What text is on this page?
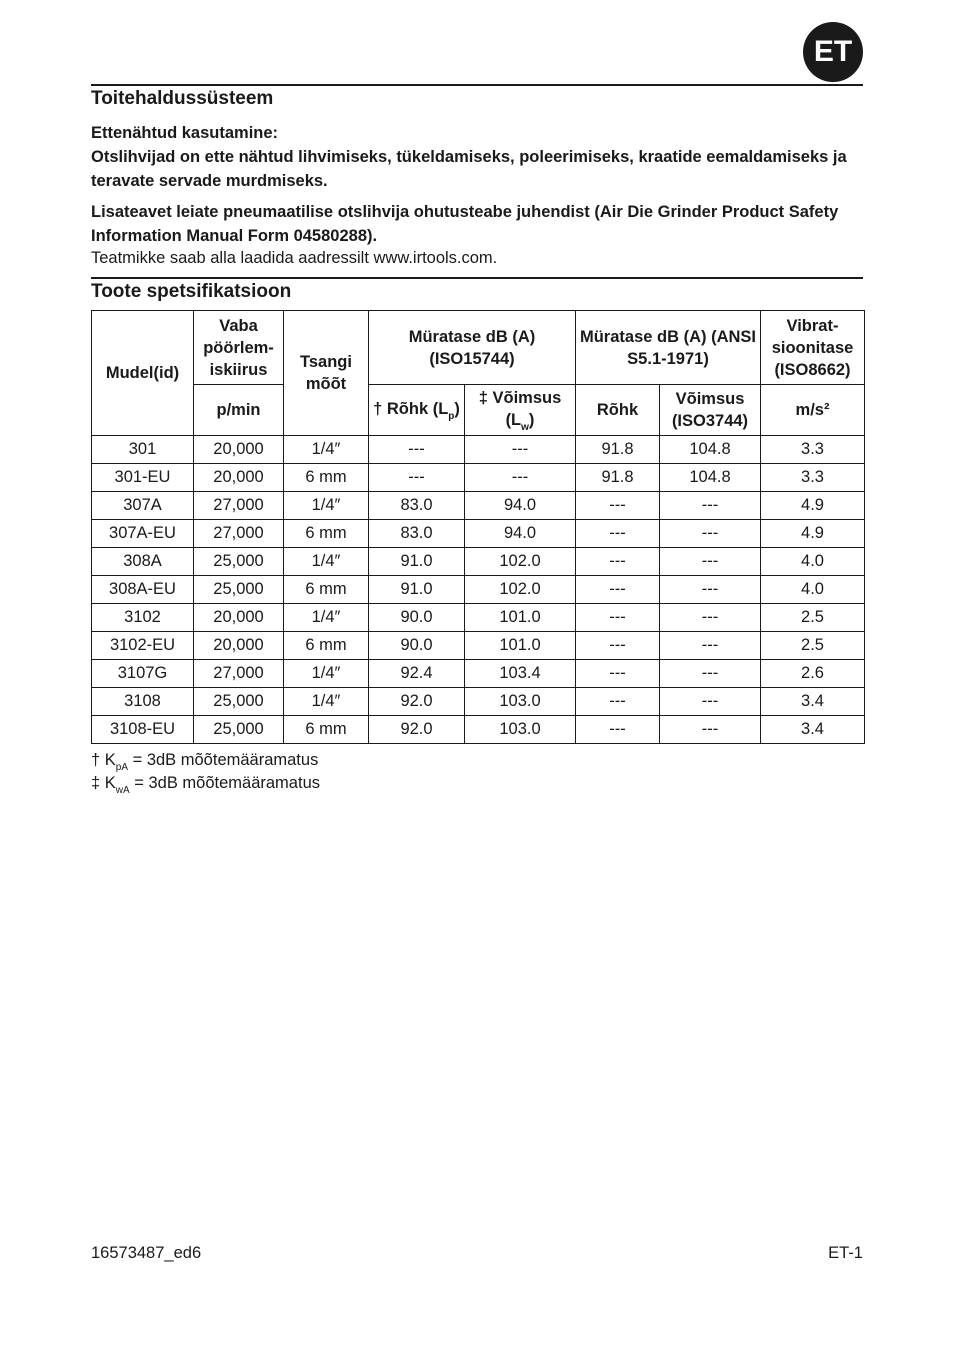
ET
Toitehaldussüsteem
Ettenähtud kasutamine:
Otslihvijad on ette nähtud lihvimiseks, tükeldamiseks, poleerimiseks, kraatide eemaldamiseks ja teravate servade murdmiseks.
Lisateavet leiate pneumaatilise otslihvija ohutusteabe juhendist (Air Die Grinder Product Safety Information Manual Form 04580288).
Teatmikke saab alla laadida aadressilt www.irtools.com.
Toote spetsifikatsioon
Mudel(id)	Vaba pöörlem-iskiirus	Tsangi mõõt	Müratase dB (A) (ISO15744)		Müratase dB (A) (ANSI S5.1-1971)		Vibrat-sioonitase (ISO8662)
	p/min		† Rõhk $(L_p)$	‡ Võimsus $(L_w)$	Rõhk	Võimsus (ISO3744)	m/s²
301	20,000	1/4″	---	---	91.8	104.8	3.3
301-EU	20,000	6 mm	---	---	91.8	104.8	3.3
307A	27,000	1/4″	83.0	94.0	---	---	4.9
307A-EU	27,000	6 mm	83.0	94.0	---	---	4.9
308A	25,000	1/4″	91.0	102.0	---	---	4.0
308A-EU	25,000	6 mm	91.0	102.0	---	---	4.0
3102	20,000	1/4″	90.0	101.0	---	---	2.5
3102-EU	20,000	6 mm	90.0	101.0	---	---	2.5
3107G	27,000	1/4″	92.4	103.4	---	---	2.6
3108	25,000	1/4″	92.0	103.0	---	---	3.4
3108-EU	25,000	6 mm	92.0	103.0	---	---	3.4
† $K_{pA} = 3dB$ mõõtemääramatus
‡ $K_{wA} = 3dB$ mõõtemääramatus
16573487_ed6	ET-1
